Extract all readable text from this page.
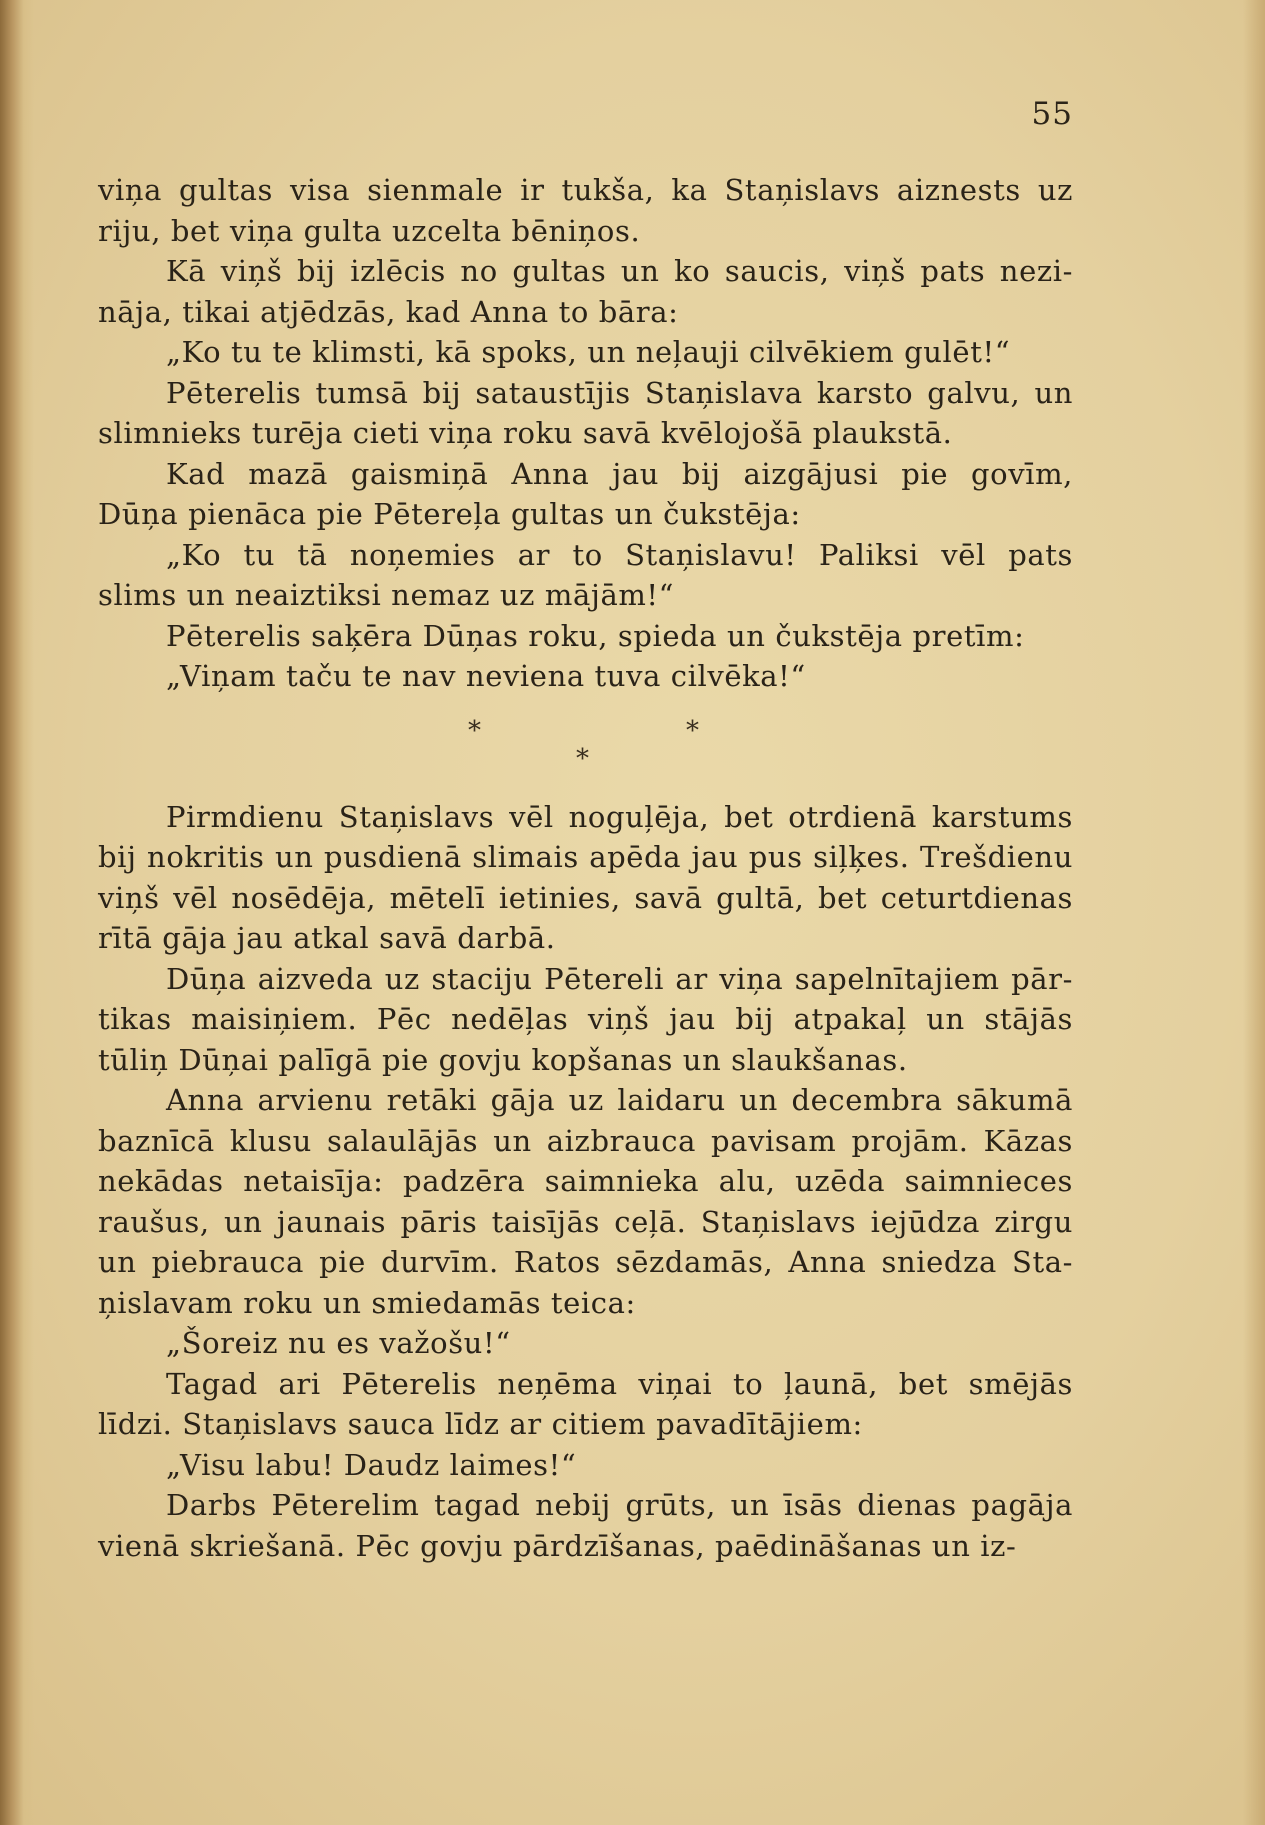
55
viņa gultas visa sienmale ir tukša, ka Staņislavs aiznests uz
riju, bet viņa gulta uzcelta bēniņos.
Kā viņš bij izlēcis no gultas un ko saucis, viņš pats nezi-
nāja, tikai atjēdzās, kad Anna to bāra:
„Ko tu te klimsti, kā spoks, un neļauji cilvēkiem gulēt!“
Pēterelis tumsā bij sataustījis Staņislava karsto galvu, un
slimnieks turēja cieti viņa roku savā kvēlojošā plaukstā.
Kad mazā gaismiņā Anna jau bij aizgājusi pie govīm,
Dūņa pienāca pie Pētereļa gultas un čukstēja:
„Ko tu tā noņemies ar to Staņislavu! Paliksi vēl pats
slims un neaiztiksi nemaz uz mājām!“
Pēterelis saķēra Dūņas roku, spieda un čukstēja pretīm:
„Viņam taču te nav neviena tuva cilvēka!“
*	*
*
Pirmdienu Staņislavs vēl noguļēja, bet otrdienā karstums
bij nokritis un pusdienā slimais apēda jau pus siļķes. Trešdienu
viņš vēl nosēdēja, mētelī ietinies, savā gultā, bet ceturtdienas
rītā gāja jau atkal savā darbā.
Dūņa aizveda uz staciju Pētereli ar viņa sapelnītajiem pār-
tikas maisiņiem. Pēc nedēļas viņš jau bij atpakaļ un stājās
tūliņ Dūņai palīgā pie govju kopšanas un slaukšanas.
Anna arvienu retāki gāja uz laidaru un decembra sākumā
baznīcā klusu salaulājās un aizbrauca pavisam projām. Kāzas
nekādas netaisīja: padzēra saimnieka alu, uzēda saimnieces
raušus, un jaunais pāris taisījās ceļā. Staņislavs iejūdza zirgu
un piebrauca pie durvīm. Ratos sēzdamās, Anna sniedza Sta-
ņislavam roku un smiedamās teica:
„Šoreiz nu es važošu!“
Tagad ari Pēterelis neņēma viņai to ļaunā, bet smējās
līdzi. Staņislavs sauca līdz ar citiem pavadītājiem:
„Visu labu! Daudz laimes!“
Darbs Pēterelim tagad nebij grūts, un īsās dienas pagāja
vienā skriešanā. Pēc govju pārdzīšanas, paēdināšanas un iz-
